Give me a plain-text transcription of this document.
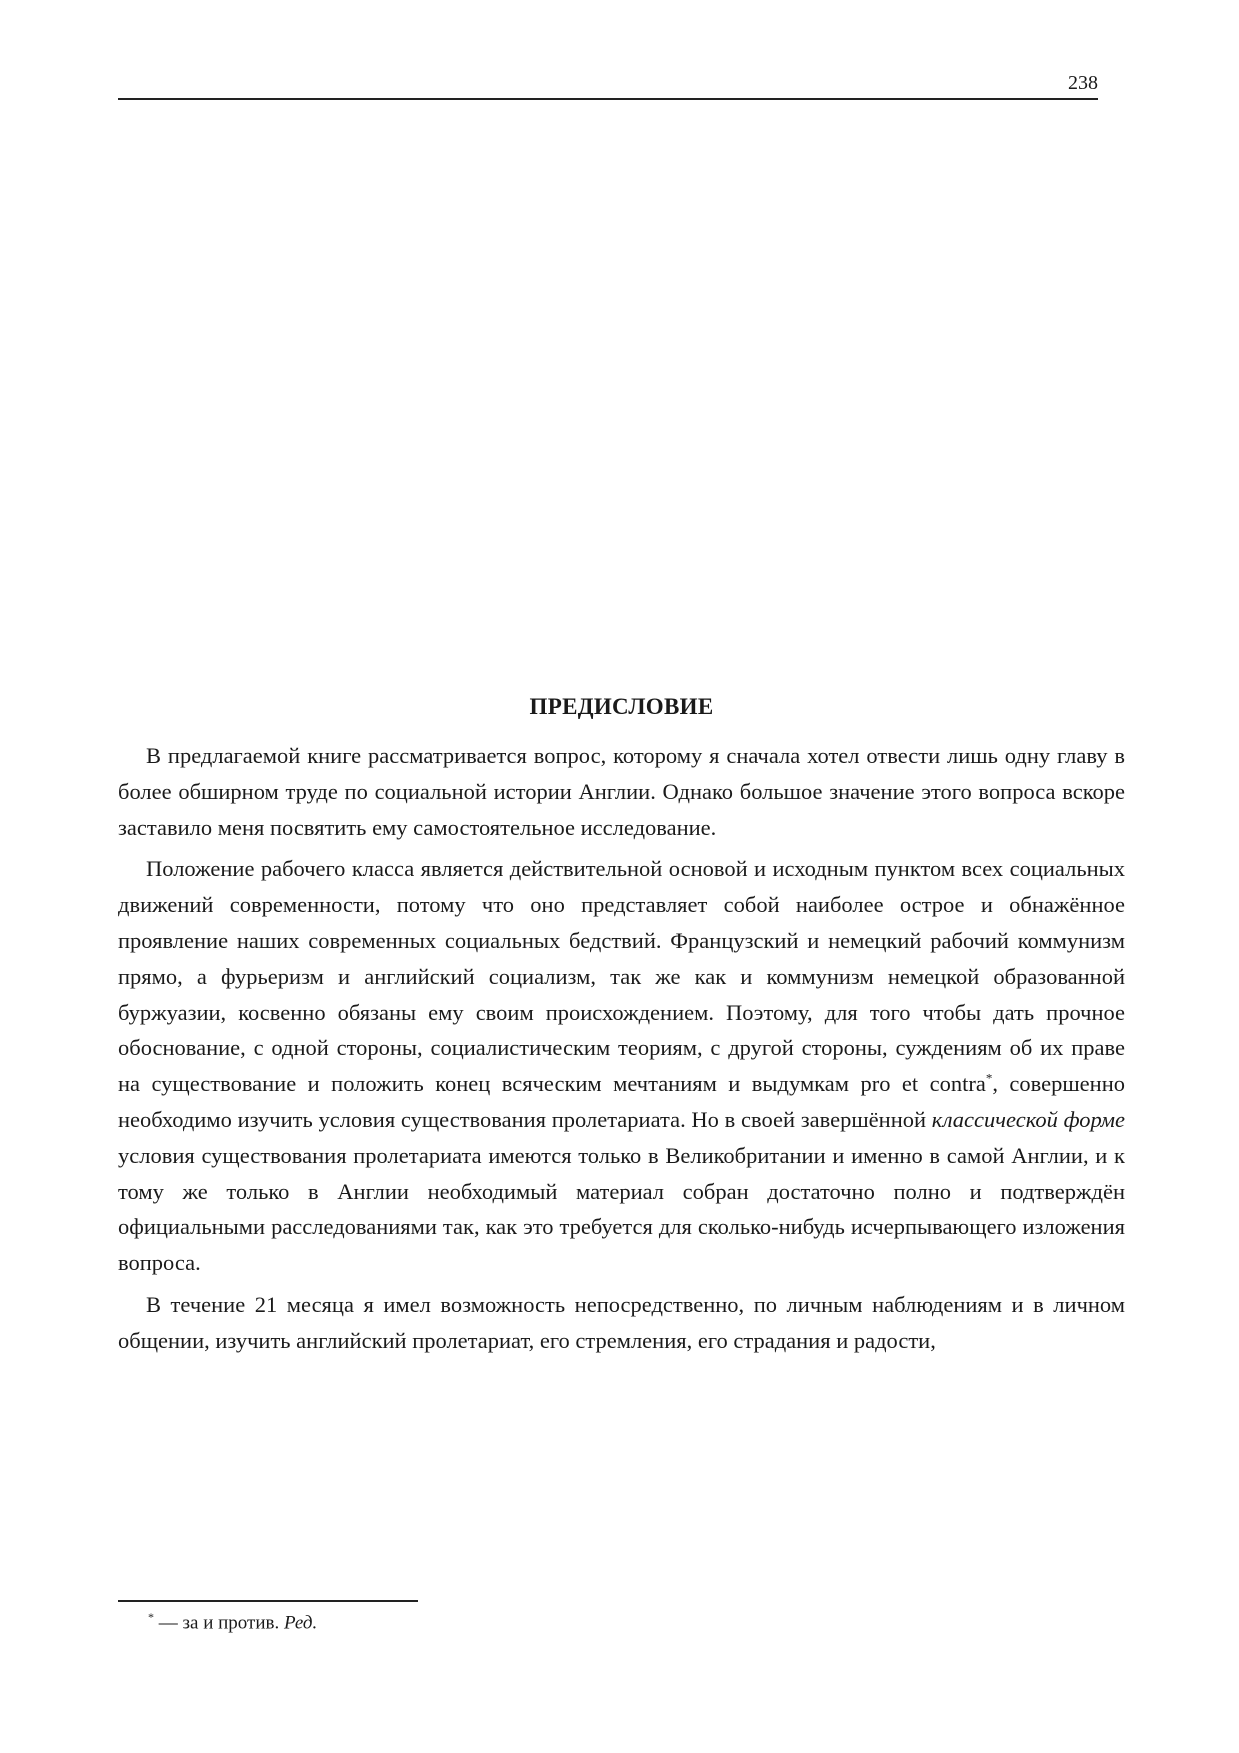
238
ПРЕДИСЛОВИЕ

В предлагаемой книге рассматривается вопрос, которому я сначала хотел отвести лишь одну главу в более обширном труде по социальной истории Англии. Однако большое значение этого вопроса вскоре заставило меня посвятить ему самостоятельное исследование.

Положение рабочего класса является действительной основой и исходным пунктом всех социальных движений современности, потому что оно представляет собой наиболее острое и обнажённое проявление наших современных социальных бедствий. Французский и немецкий рабочий коммунизм прямо, а фурьеризм и английский социализм, так же как и коммунизм немецкой образованной буржуазии, косвенно обязаны ему своим происхождением. Поэтому, для того чтобы дать прочное обоснование, с одной стороны, социалистическим теориям, с другой стороны, суждениям об их праве на существование и положить конец всяческим мечтаниям и выдумкам pro et contra*, совершенно необходимо изучить условия существования пролетариата. Но в своей завершённой классической форме условия существования пролетариата имеются только в Великобритании и именно в самой Англии, и к тому же только в Англии необходимый материал собран достаточно полно и подтверждён официальными расследованиями так, как это требуется для сколько-нибудь исчерпывающего изложения вопроса.

В течение 21 месяца я имел возможность непосредственно, по личным наблюдениям и в личном общении, изучить английский пролетариат, его стремления, его страдания и радости,

* — за и против. Ред.
